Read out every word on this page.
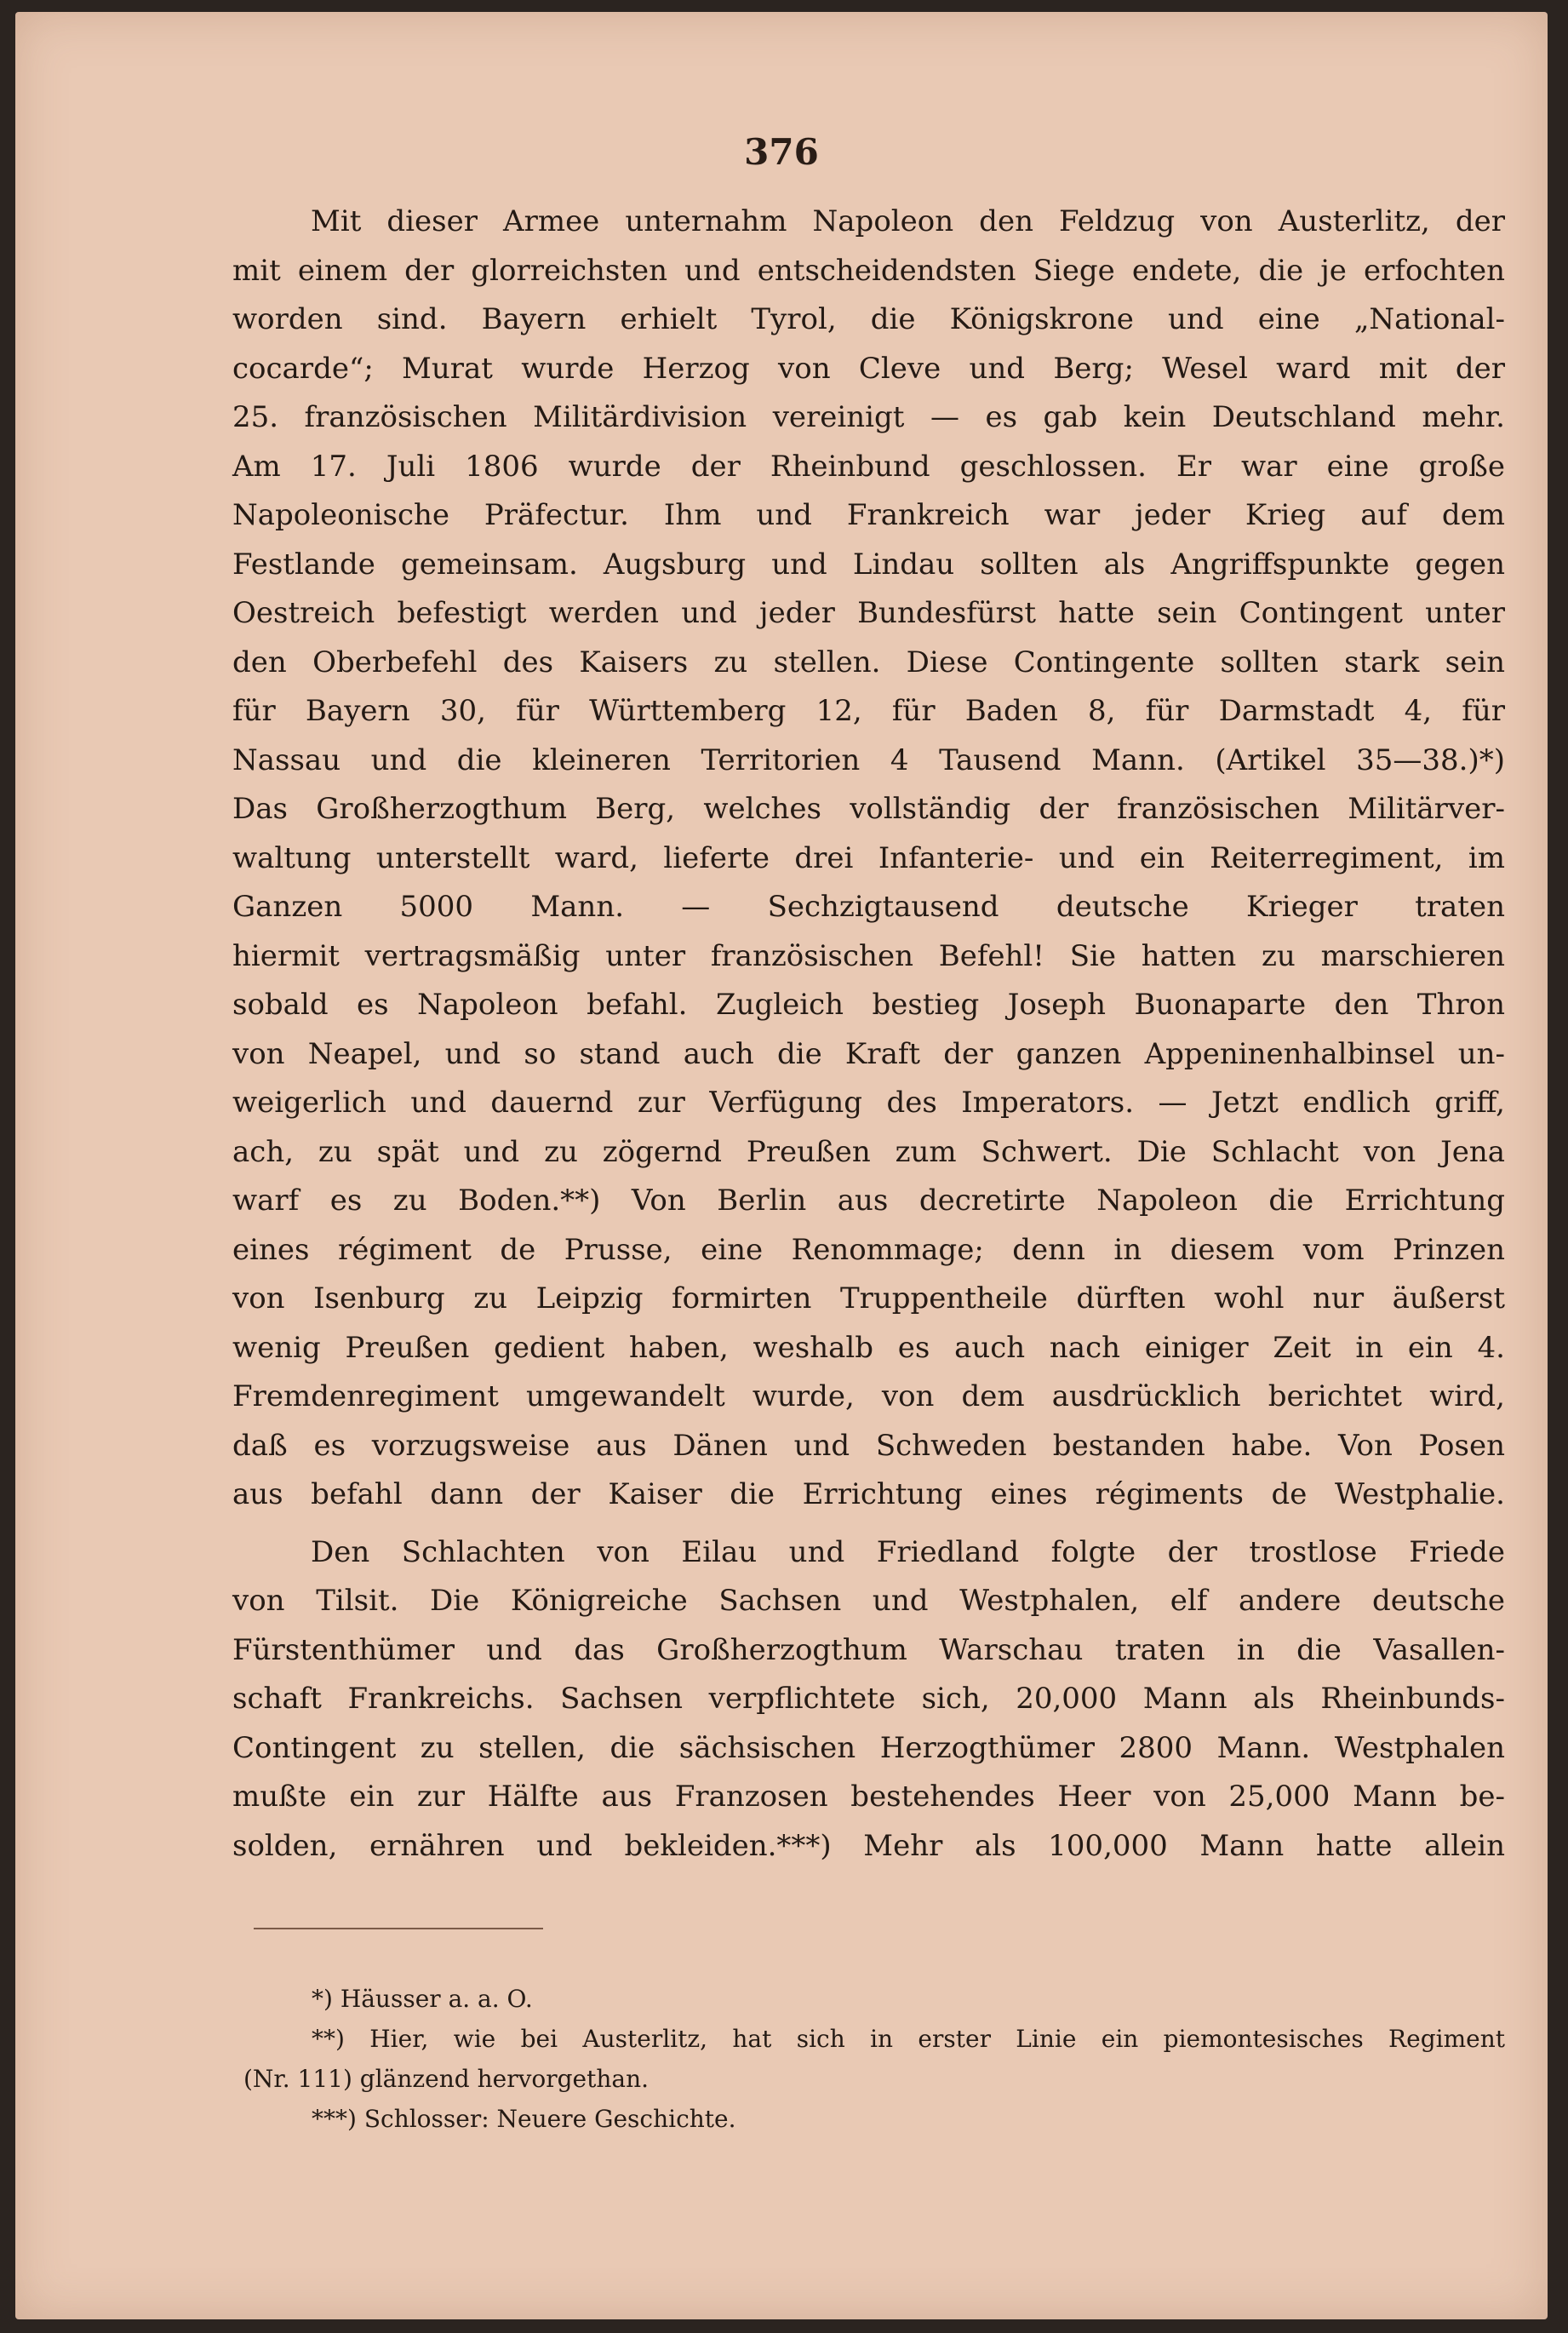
376
Mit dieser Armee unternahm Napoleon den Feldzug von Austerlitz, der
mit einem der glorreichsten und entscheidendsten Siege endete, die je erfochten
worden sind. Bayern erhielt Tyrol, die Königskrone und eine „National-
cocarde“; Murat wurde Herzog von Cleve und Berg; Wesel ward mit der
25. französischen Militärdivision vereinigt — es gab kein Deutschland mehr.
Am 17. Juli 1806 wurde der Rheinbund geschlossen. Er war eine große
Napoleonische Präfectur. Ihm und Frankreich war jeder Krieg auf dem
Festlande gemeinsam. Augsburg und Lindau sollten als Angriffspunkte gegen
Oestreich befestigt werden und jeder Bundesfürst hatte sein Contingent unter
den Oberbefehl des Kaisers zu stellen. Diese Contingente sollten stark sein
für Bayern 30, für Württemberg 12, für Baden 8, für Darmstadt 4, für
Nassau und die kleineren Territorien 4 Tausend Mann. (Artikel 35—38.)*)
Das Großherzogthum Berg, welches vollständig der französischen Militärver-
waltung unterstellt ward, lieferte drei Infanterie- und ein Reiterregiment, im
Ganzen 5000 Mann. — Sechzigtausend deutsche Krieger traten
hiermit vertragsmäßig unter französischen Befehl! Sie hatten zu marschieren
sobald es Napoleon befahl. Zugleich bestieg Joseph Buonaparte den Thron
von Neapel, und so stand auch die Kraft der ganzen Appeninenhalbinsel un-
weigerlich und dauernd zur Verfügung des Imperators. — Jetzt endlich griff,
ach, zu spät und zu zögernd Preußen zum Schwert. Die Schlacht von Jena
warf es zu Boden.**) Von Berlin aus decretirte Napoleon die Errichtung
eines régiment de Prusse, eine Renommage; denn in diesem vom Prinzen
von Isenburg zu Leipzig formirten Truppentheile dürften wohl nur äußerst
wenig Preußen gedient haben, weshalb es auch nach einiger Zeit in ein 4.
Fremdenregiment umgewandelt wurde, von dem ausdrücklich berichtet wird,
daß es vorzugsweise aus Dänen und Schweden bestanden habe. Von Posen
aus befahl dann der Kaiser die Errichtung eines régiments de Westphalie.
Den Schlachten von Eilau und Friedland folgte der trostlose Friede
von Tilsit. Die Königreiche Sachsen und Westphalen, elf andere deutsche
Fürstenthümer und das Großherzogthum Warschau traten in die Vasallen-
schaft Frankreichs. Sachsen verpflichtete sich, 20,000 Mann als Rheinbunds-
Contingent zu stellen, die sächsischen Herzogthümer 2800 Mann. Westphalen
mußte ein zur Hälfte aus Franzosen bestehendes Heer von 25,000 Mann be-
solden, ernähren und bekleiden.***) Mehr als 100,000 Mann hatte allein
*) Häusser a. a. O.
**) Hier, wie bei Austerlitz, hat sich in erster Linie ein piemontesisches Regiment
(Nr. 111) glänzend hervorgethan.
***) Schlosser: Neuere Geschichte.
